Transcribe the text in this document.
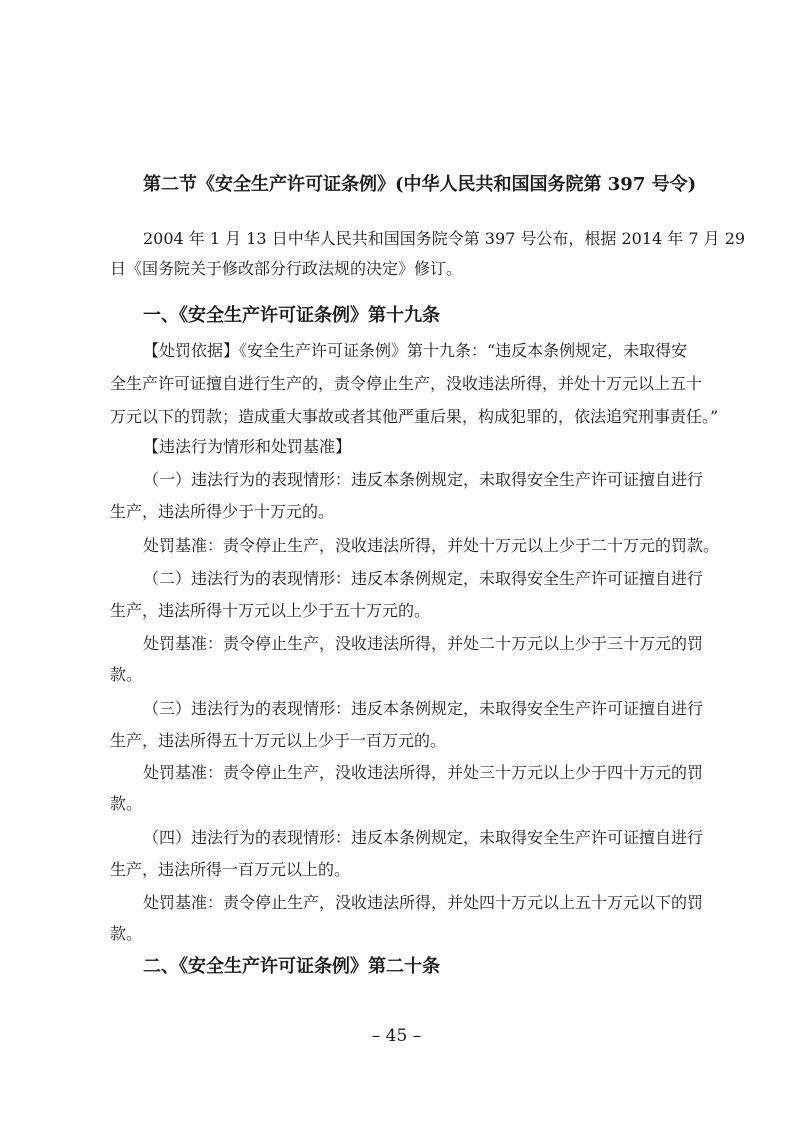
第二节《安全生产许可证条例》(中华人民共和国国务院第 397 号令)
2004 年 1 月 13 日中华人民共和国国务院令第 397 号公布，根据 2014 年 7 月 29
日《国务院关于修改部分行政法规的决定》修订。
一、《安全生产许可证条例》第十九条
【处罚依据】《安全生产许可证条例》第十九条：“违反本条例规定，未取得安
全生产许可证擅自进行生产的，责令停止生产，没收违法所得，并处十万元以上五十
万元以下的罚款；造成重大事故或者其他严重后果，构成犯罪的，依法追究刑事责任。”
【违法行为情形和处罚基准】
（一）违法行为的表现情形：违反本条例规定，未取得安全生产许可证擅自进行
生产，违法所得少于十万元的。
处罚基准：责令停止生产，没收违法所得，并处十万元以上少于二十万元的罚款。
（二）违法行为的表现情形：违反本条例规定，未取得安全生产许可证擅自进行
生产，违法所得十万元以上少于五十万元的。
处罚基准：责令停止生产，没收违法所得，并处二十万元以上少于三十万元的罚
款。
（三）违法行为的表现情形：违反本条例规定，未取得安全生产许可证擅自进行
生产，违法所得五十万元以上少于一百万元的。
处罚基准：责令停止生产，没收违法所得，并处三十万元以上少于四十万元的罚
款。
（四）违法行为的表现情形：违反本条例规定，未取得安全生产许可证擅自进行
生产，违法所得一百万元以上的。
处罚基准：责令停止生产，没收违法所得，并处四十万元以上五十万元以下的罚
款。
二、《安全生产许可证条例》第二十条
– 45 –
